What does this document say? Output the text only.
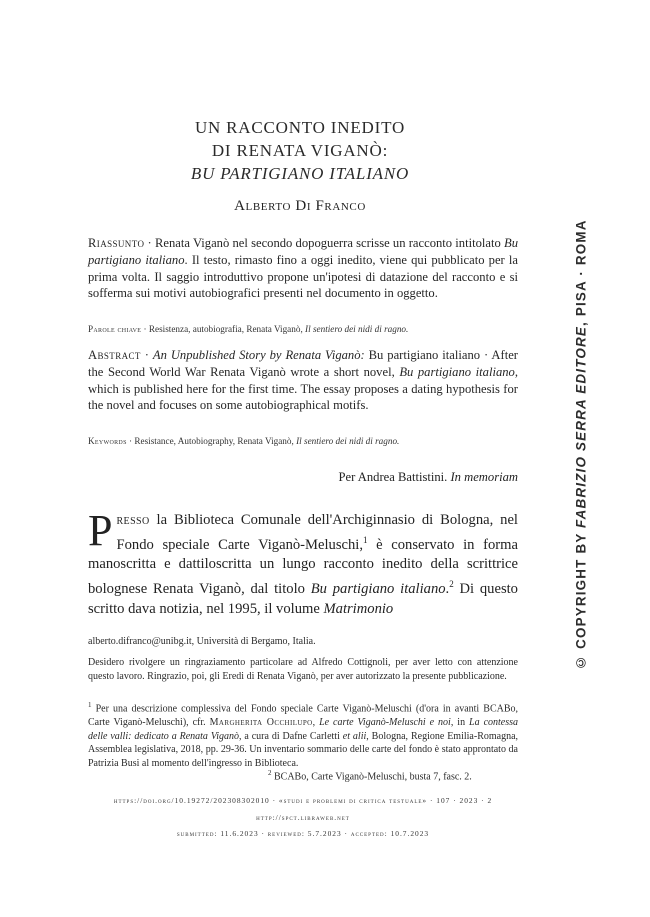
UN RACCONTO INEDITO
DI RENATA VIGANÒ:
BU PARTIGIANO ITALIANO
Alberto Di Franco
Riassunto · Renata Viganò nel secondo dopoguerra scrisse un racconto intitolato Bu partigiano italiano. Il testo, rimasto fino a oggi inedito, viene qui pubblicato per la prima volta. Il saggio introduttivo propone un'ipotesi di datazione del racconto e si sofferma sui motivi autobiografici presenti nel documento in oggetto.
Parole chiave · Resistenza, autobiografia, Renata Viganò, Il sentiero dei nidi di ragno.
Abstract · An Unpublished Story by Renata Viganò: Bu partigiano italiano · After the Second World War Renata Viganò wrote a short novel, Bu partigiano italiano, which is published here for the first time. The essay proposes a dating hypothesis for the novel and focuses on some autobiographical motifs.
Keywords · Resistance, Autobiography, Renata Viganò, Il sentiero dei nidi di ragno.
Per Andrea Battistini. In memoriam
Presso la Biblioteca Comunale dell'Archiginnasio di Bologna, nel Fondo speciale Carte Viganò-Meluschi,$^1$ è conservato in forma manoscritta e dattiloscritta un lungo racconto inedito della scrittrice bolognese Renata Viganò, dal titolo Bu partigiano italiano.$^2$ Di questo scritto dava notizia, nel 1995, il volume Matrimonio
alberto.difranco@unibg.it, Università di Bergamo, Italia.
Desidero rivolgere un ringraziamento particolare ad Alfredo Cottignoli, per aver letto con attenzione questo lavoro. Ringrazio, poi, gli Eredi di Renata Viganò, per aver autorizzato la presente pubblicazione.
$^1$ Per una descrizione complessiva del Fondo speciale Carte Viganò-Meluschi (d'ora in avanti BCABo, Carte Viganò-Meluschi), cfr. Margherita Occhilupo, Le carte Viganò-Meluschi e noi, in La contessa delle valli: dedicato a Renata Viganò, a cura di Dafne Carletti et alii, Bologna, Regione Emilia-Romagna, Assemblea legislativa, 2018, pp. 29-36. Un inventario sommario delle carte del fondo è stato approntato da Patrizia Busi al momento dell'ingresso in Biblioteca.
$^2$ BCABo, Carte Viganò-Meluschi, busta 7, fasc. 2.
https://doi.org/10.19272/202308302010 · «studi e problemi di critica testuale» · 107 · 2023 · 2
http://spct.libraweb.net
submitted: 11.6.2023 · reviewed: 5.7.2023 · accepted: 10.7.2023
© COPYRIGHT BY

FABRIZIO SERRA EDITORE
, PISA · ROMA
